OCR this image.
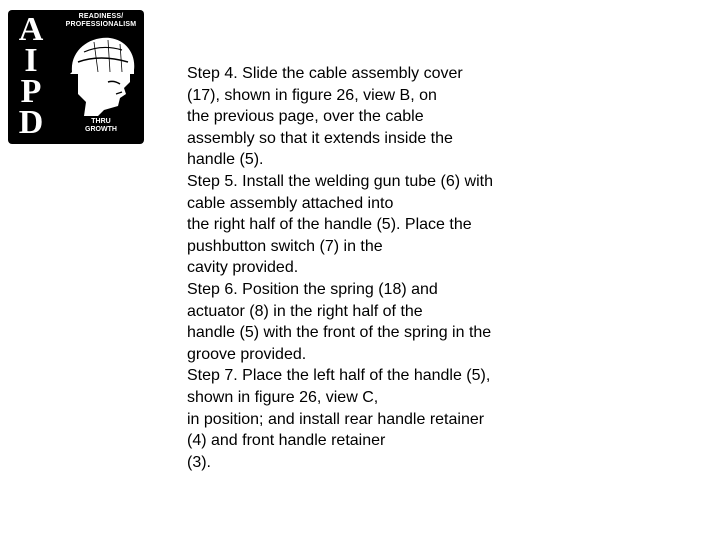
A
I
P
D
READINESS/
PROFESSIONALISM
THRU
GROWTH

Step 4. Slide the cable assembly cover

(17), shown in figure 26, view B, on

the previous page, over the cable

assembly so that it extends inside the

handle (5).

Step 5. Install the welding gun tube (6) with

cable assembly attached into

the right half of the handle (5). Place the

pushbutton switch (7) in the

cavity provided.

Step 6. Position the spring (18) and

actuator (8) in the right half of the

handle (5) with the front of the spring in the

groove provided.

Step 7. Place the left half of the handle (5),

shown in figure 26, view C,

in position; and install rear handle retainer

(4) and front handle retainer

(3).
